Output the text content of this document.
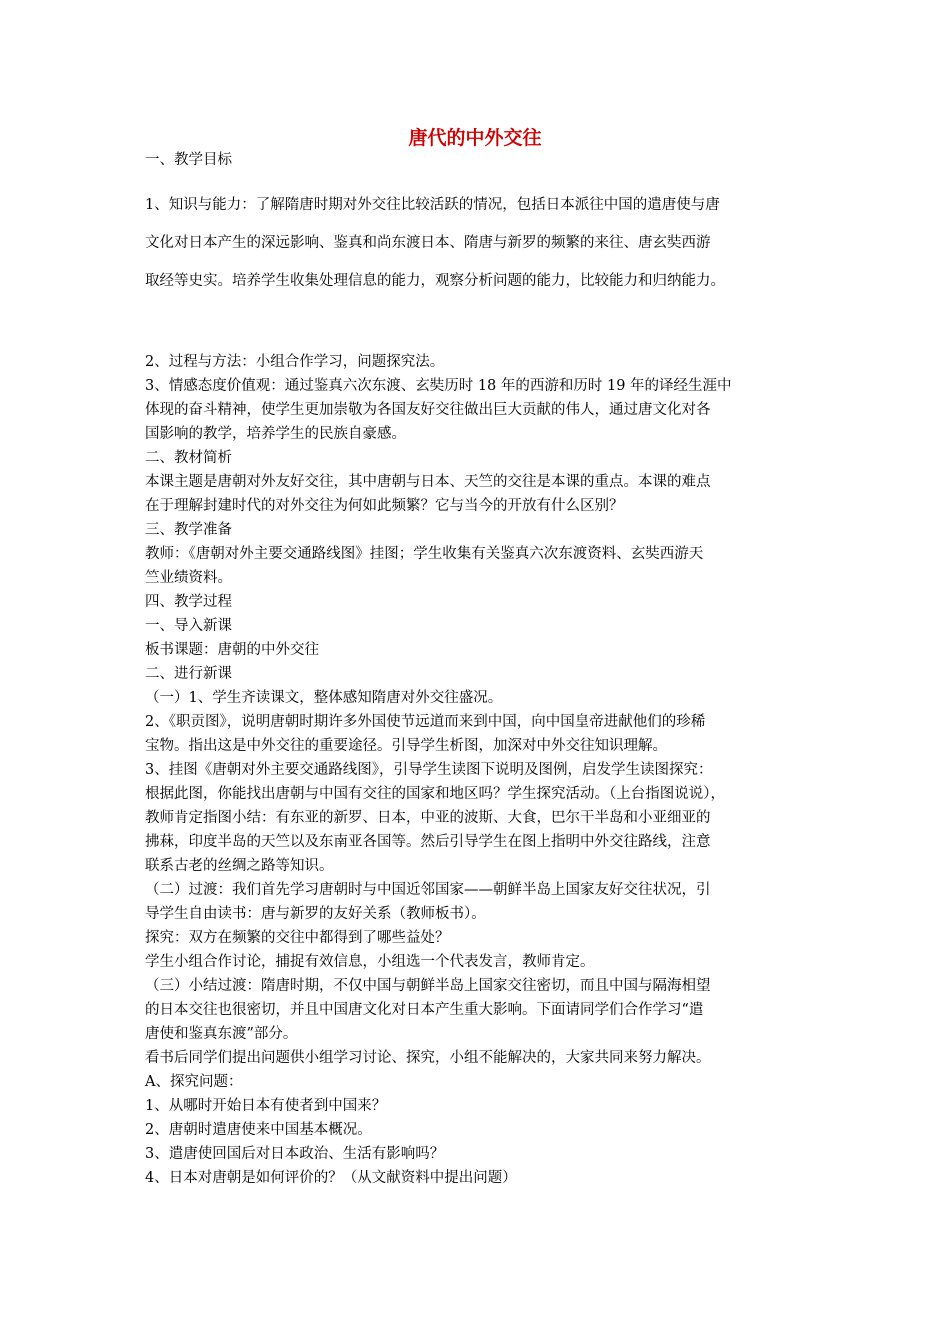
唐代的中外交往
一、教学目标
1、知识与能力：了解隋唐时期对外交往比较活跃的情况，包括日本派往中国的遣唐使与唐
文化对日本产生的深远影响、鉴真和尚东渡日本、隋唐与新罗的频繁的来往、唐玄奘西游
取经等史实。培养学生收集处理信息的能力，观察分析问题的能力，比较能力和归纳能力。
2、过程与方法：小组合作学习，问题探究法。
3、情感态度价值观：通过鉴真六次东渡、玄奘历时 18 年的西游和历时 19 年的译经生涯中
体现的奋斗精神，使学生更加崇敬为各国友好交往做出巨大贡献的伟人，通过唐文化对各
国影响的教学，培养学生的民族自豪感。
二、教材简析
本课主题是唐朝对外友好交往，其中唐朝与日本、天竺的交往是本课的重点。本课的难点
在于理解封建时代的对外交往为何如此频繁？它与当今的开放有什么区别？
三、教学准备
教师：《唐朝对外主要交通路线图》挂图；学生收集有关鉴真六次东渡资料、玄奘西游天
竺业绩资料。
四、教学过程
一、导入新课
板书课题：唐朝的中外交往
二、进行新课
（一）1、学生齐读课文，整体感知隋唐对外交往盛况。
2、《职贡图》，说明唐朝时期许多外国使节远道而来到中国，向中国皇帝进献他们的珍稀
宝物。指出这是中外交往的重要途径。引导学生析图，加深对中外交往知识理解。
3、挂图《唐朝对外主要交通路线图》，引导学生读图下说明及图例，启发学生读图探究：
根据此图，你能找出唐朝与中国有交往的国家和地区吗？学生探究活动。（上台指图说说），
教师肯定指图小结：有东亚的新罗、日本，中亚的波斯、大食，巴尔干半岛和小亚细亚的
拂菻，印度半岛的天竺以及东南亚各国等。然后引导学生在图上指明中外交往路线，注意
联系古老的丝绸之路等知识。
（二）过渡：我们首先学习唐朝时与中国近邻国家——朝鲜半岛上国家友好交往状况，引
导学生自由读书：唐与新罗的友好关系（教师板书）。
探究：双方在频繁的交往中都得到了哪些益处？
学生小组合作讨论，捕捉有效信息，小组选一个代表发言，教师肯定。
（三）小结过渡：隋唐时期，不仅中国与朝鲜半岛上国家交往密切，而且中国与隔海相望
的日本交往也很密切，并且中国唐文化对日本产生重大影响。下面请同学们合作学习“遣
唐使和鉴真东渡”部分。
看书后同学们提出问题供小组学习讨论、探究，小组不能解决的，大家共同来努力解决。
A、探究问题：
1、从哪时开始日本有使者到中国来？
2、唐朝时遣唐使来中国基本概况。
3、遣唐使回国后对日本政治、生活有影响吗？
4、日本对唐朝是如何评价的？（从文献资料中提出问题）
